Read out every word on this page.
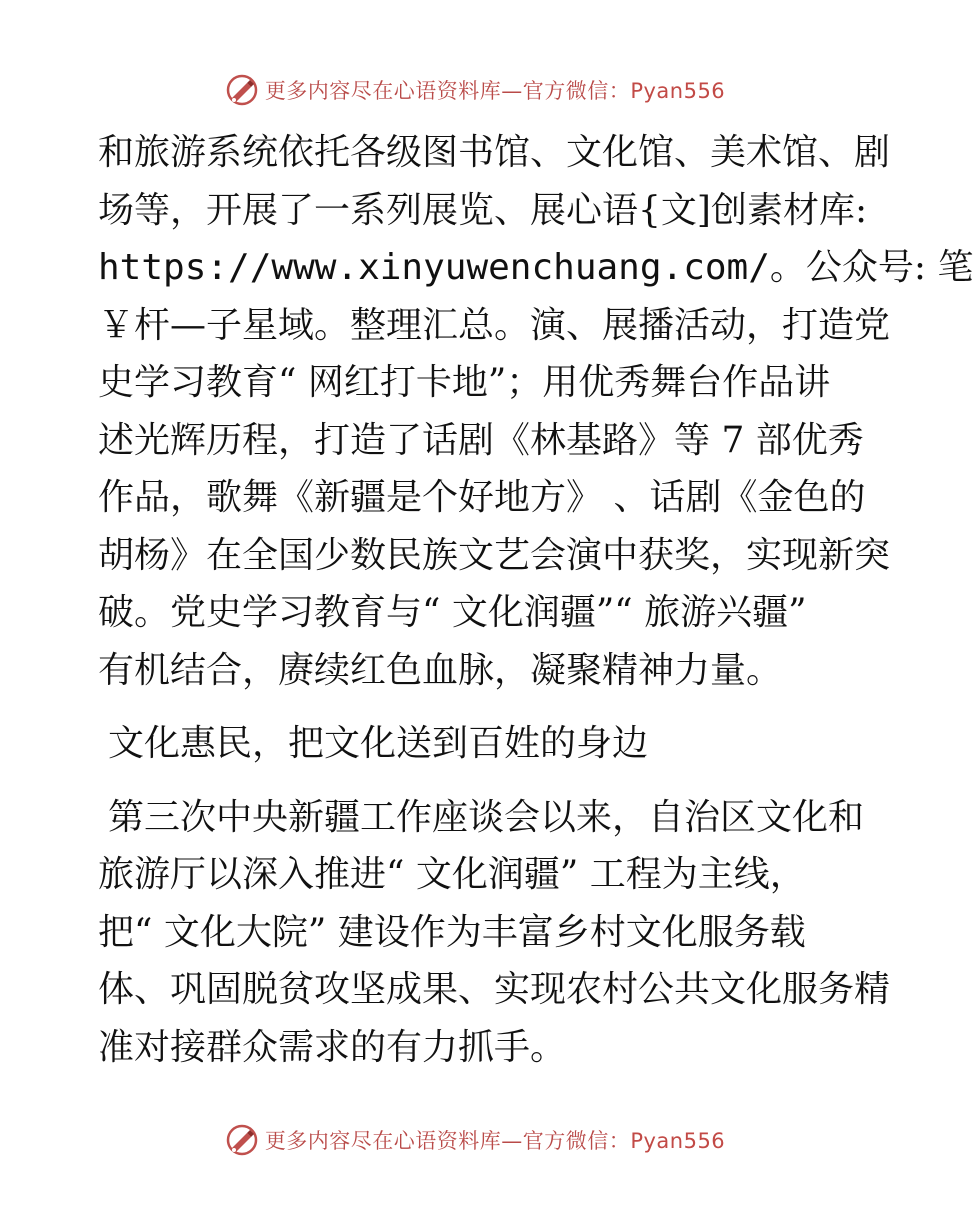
更多内容尽在心语资料库—官方微信：Pyan556
和旅游系统依托各级图书馆、文化馆、美术馆、剧
场等，开展了一系列展览、展心语{文]创素材库:
https://www.xinyuwenchuang.com/。公众号: 笔
￥杆—子星域。整理汇总。演、展播活动，打造党
史学习教育“ 网红打卡地”；用优秀舞台作品讲
述光辉历程，打造了话剧《林基路》等 7 部优秀
作品，歌舞《新疆是个好地方》 、话剧《金色的
胡杨》在全国少数民族文艺会演中获奖，实现新突
破。党史学习教育与“ 文化润疆”“ 旅游兴疆”
有机结合，赓续红色血脉，凝聚精神力量。
文化惠民，把文化送到百姓的身边
第三次中央新疆工作座谈会以来，自治区文化和
旅游厅以深入推进“ 文化润疆” 工程为主线，
把“ 文化大院” 建设作为丰富乡村文化服务载
体、巩固脱贫攻坚成果、实现农村公共文化服务精
准对接群众需求的有力抓手。
更多内容尽在心语资料库—官方微信：Pyan556
